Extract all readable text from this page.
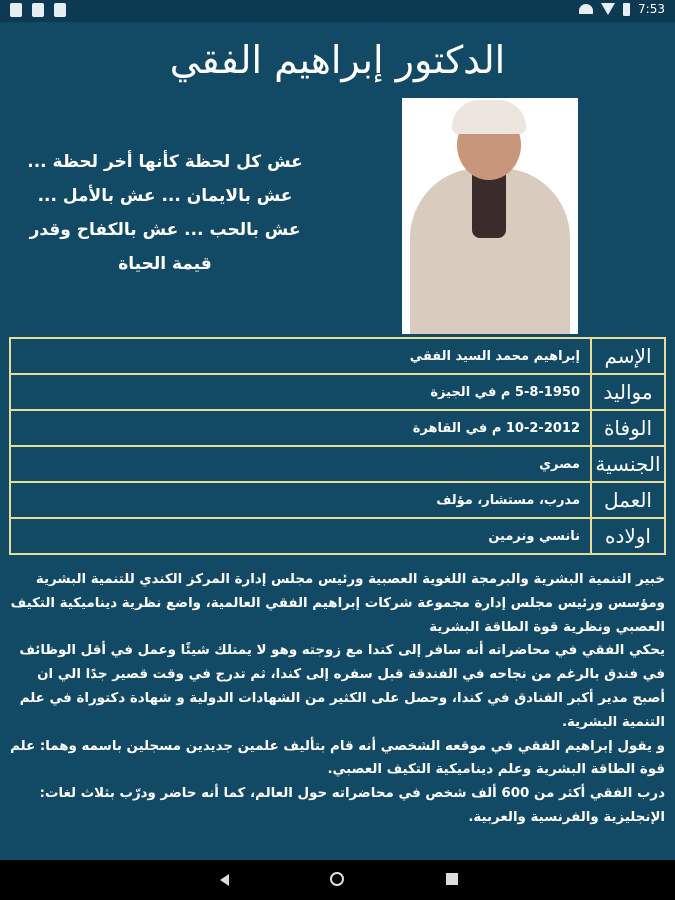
7:53
الدكتور إبراهيم الفقي
عش كل لحظة كأنها أخر لحظة ... عش بالايمان ... عش بالأمل ... عش بالحب ... عش بالكفاح وقدر قيمة الحياة
الإسم	إبراهيم محمد السيد الفقي
مواليد	5-8-1950 م في الجيزة
الوفاة	10-2-2012 م في القاهرة
الجنسية	مصري
العمل	مدرب، مستشار، مؤلف
اولاده	نانسي ونرمين

خبير التنمية البشرية والبرمجة اللغوية العصبية ورئيس مجلس إدارة المركز الكندي للتنمية البشرية ومؤسس ورئيس مجلس إدارة مجموعة شركات إبراهيم الفقي العالمية، واضع نظرية ديناميكية التكيف العصبي ونظرية قوة الطاقة البشرية

يحكي الفقي في محاضراته أنه سافر إلى كندا مع زوجته وهو لا يمتلك شيئًا وعمل في أقل الوظائف في فندق بالرغم من نجاحه في الفندقة قبل سفره إلى كندا، ثم تدرج في وقت قصير جدًا الي ان أصبح مدير أكبر الفنادق في كندا، وحصل على الكثير من الشهادات الدولية و شهادة دكتوراة في علم التنمية البشرية.

و يقول إبراهيم الفقي في موقعه الشخصي أنه قام بتأليف علمين جديدين مسجلين باسمه وهما: علم قوة الطاقة البشرية وعلم ديناميكية التكيف العصبي.

درب الفقي أكثر من 600 ألف شخص في محاضراته حول العالم، كما أنه حاضر ودرّب بثلاث لغات: الإنجليزية والفرنسية والعربية.
